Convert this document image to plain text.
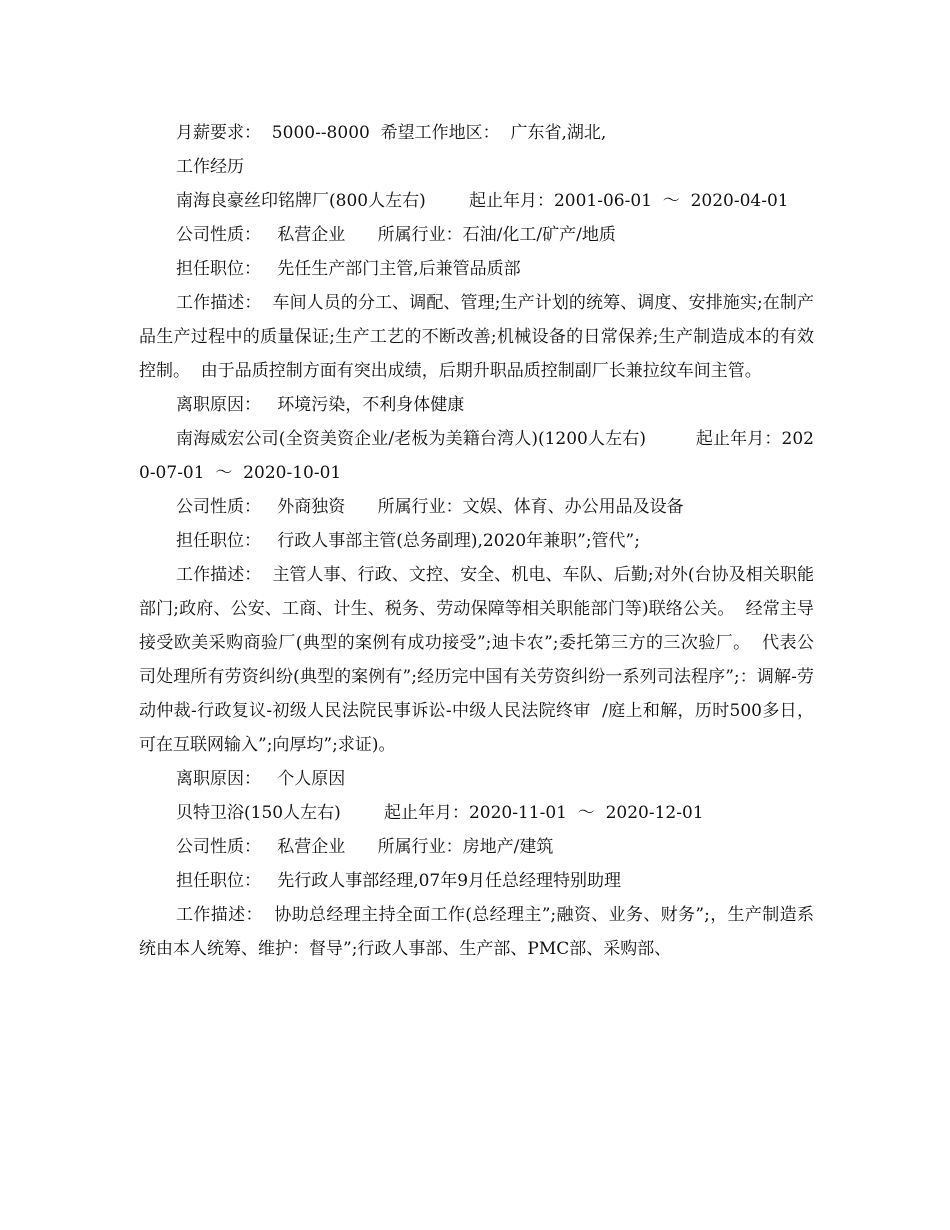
月薪要求：  5000--8000  希望工作地区：  广东省,湖北,

工作经历

南海良豪丝印铭牌厂(800人左右)        起止年月：2001-06-01  ～  2020-04-01

公司性质：   私营企业      所属行业：石油/化工/矿产/地质

担任职位：   先任生产部门主管,后兼管品质部

工作描述：  车间人员的分工、调配、管理;生产计划的统筹、调度、安排施实;在制产品生产过程中的质量保证;生产工艺的不断改善;机械设备的日常保养;生产制造成本的有效控制。  由于品质控制方面有突出成绩，后期升职品质控制副厂长兼拉纹车间主管。

离职原因：   环境污染，不利身体健康

南海威宏公司(全资美资企业/老板为美籍台湾人)(1200人左右)         起止年月：2020-07-01  ～  2020-10-01

公司性质：   外商独资      所属行业：文娱、体育、办公用品及设备

担任职位：   行政人事部主管(总务副理),2020年兼职”;管代”;

工作描述：  主管人事、行政、文控、安全、机电、车队、后勤;对外(台协及相关职能部门;政府、公安、工商、计生、税务、劳动保障等相关职能部门等)联络公关。  经常主导接受欧美采购商验厂(典型的案例有成功接受”;迪卡农”;委托第三方的三次验厂。  代表公司处理所有劳资纠纷(典型的案例有”;经历完中国有关劳资纠纷一系列司法程序”;：调解-劳动仲裁-行政复议-初级人民法院民事诉讼-中级人民法院终审  /庭上和解，历时500多日，可在互联网输入”;向厚均”;求证)。

离职原因：   个人原因

贝特卫浴(150人左右)        起止年月：2020-11-01  ～  2020-12-01

公司性质：   私营企业      所属行业：房地产/建筑

担任职位：   先行政人事部经理,07年9月任总经理特别助理

工作描述：  协助总经理主持全面工作(总经理主”;融资、业务、财务”;，生产制造系统由本人统筹、维护：督导”;行政人事部、生产部、PMC部、采购部、
